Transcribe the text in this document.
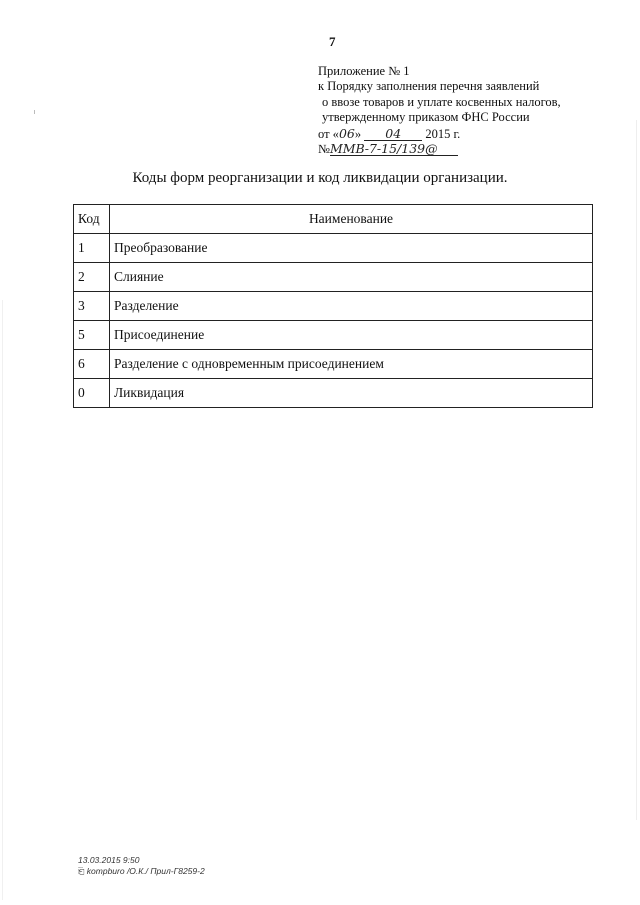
7
Приложение № 1
к Порядку заполнения перечня заявлений
о ввозе товаров и уплате косвенных налогов,
утвержденному приказом ФНС России
от «06» 04 2015 г.
№ММВ-7-15/139@
Коды форм реорганизации и код ликвидации организации.
Код	Наименование
1	Преобразование
2	Слияние
3	Разделение
5	Присоединение
6	Разделение с одновременным присоединением
0	Ликвидация
13.03.2015 9:50
⎗ kompburo /О.К./ Прил-Г8259-2
